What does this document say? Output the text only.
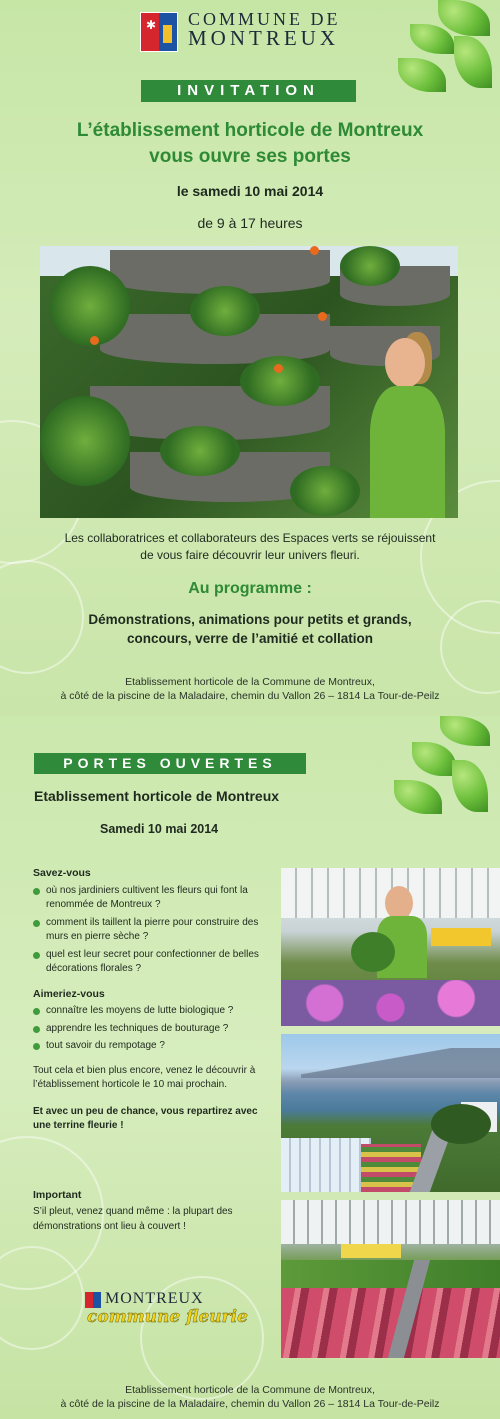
✱ COMMUNE DE
MONTREUX
INVITATION
L’établissement horticole de Montreux
vous ouvre ses portes
le samedi 10 mai 2014
de 9 à 17 heures
Les collaboratrices et collaborateurs des Espaces verts se réjouissent
de vous faire découvrir leur univers fleuri.
Au programme :
Démonstrations, animations pour petits et grands,
concours, verre de l’amitié et collation
Etablissement horticole de la Commune de Montreux,
à côté de la piscine de la Maladaire, chemin du Vallon 26 – 1814 La Tour-de-Peilz
PORTES OUVERTES
Etablissement horticole de Montreux
Samedi 10 mai 2014
Savez-vous
où nos jardiniers cultivent les fleurs qui font la renommée de Montreux ?
comment ils taillent la pierre pour construire des murs en pierre sèche ?
quel est leur secret pour confectionner de belles décorations florales ?
Aimeriez-vous
connaître les moyens de lutte biologique ?
apprendre les techniques de bouturage ?
tout savoir du rempotage ?

Tout cela et bien plus encore, venez le découvrir à l’établissement horticole le 10 mai prochain.

Et avec un peu de chance, vous repartirez avec une terrine fleurie !

Important

S’il pleut, venez quand même : la plupart des démonstrations ont lieu à couvert !

MONTREUX
commune fleurie
Etablissement horticole de la Commune de Montreux,
à côté de la piscine de la Maladaire, chemin du Vallon 26 – 1814 La Tour-de-Peilz
